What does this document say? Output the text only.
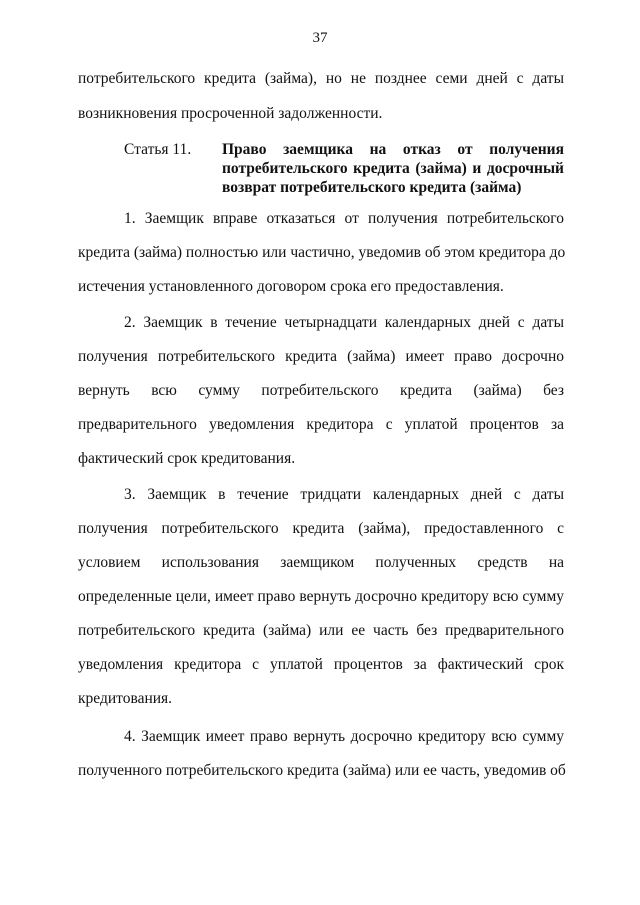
37
потребительского кредита (займа), но не позднее семи дней с даты
возникновения просроченной задолженности.
Статья 11. Право заемщика на отказ от получения
потребительского кредита (займа) и досрочный
возврат потребительского кредита (займа)
1. Заемщик вправе отказаться от получения потребительского
кредита (займа) полностью или частично, уведомив об этом кредитора до
истечения установленного договором срока его предоставления.
2. Заемщик в течение четырнадцати календарных дней с даты
получения потребительского кредита (займа) имеет право досрочно
вернуть всю сумму потребительского кредита (займа) без
предварительного уведомления кредитора с уплатой процентов за
фактический срок кредитования.
3. Заемщик в течение тридцати календарных дней с даты
получения потребительского кредита (займа), предоставленного с
условием использования заемщиком полученных средств на
определенные цели, имеет право вернуть досрочно кредитору всю сумму
потребительского кредита (займа) или ее часть без предварительного
уведомления кредитора с уплатой процентов за фактический срок
кредитования.
4. Заемщик имеет право вернуть досрочно кредитору всю сумму
полученного потребительского кредита (займа) или ее часть, уведомив об
